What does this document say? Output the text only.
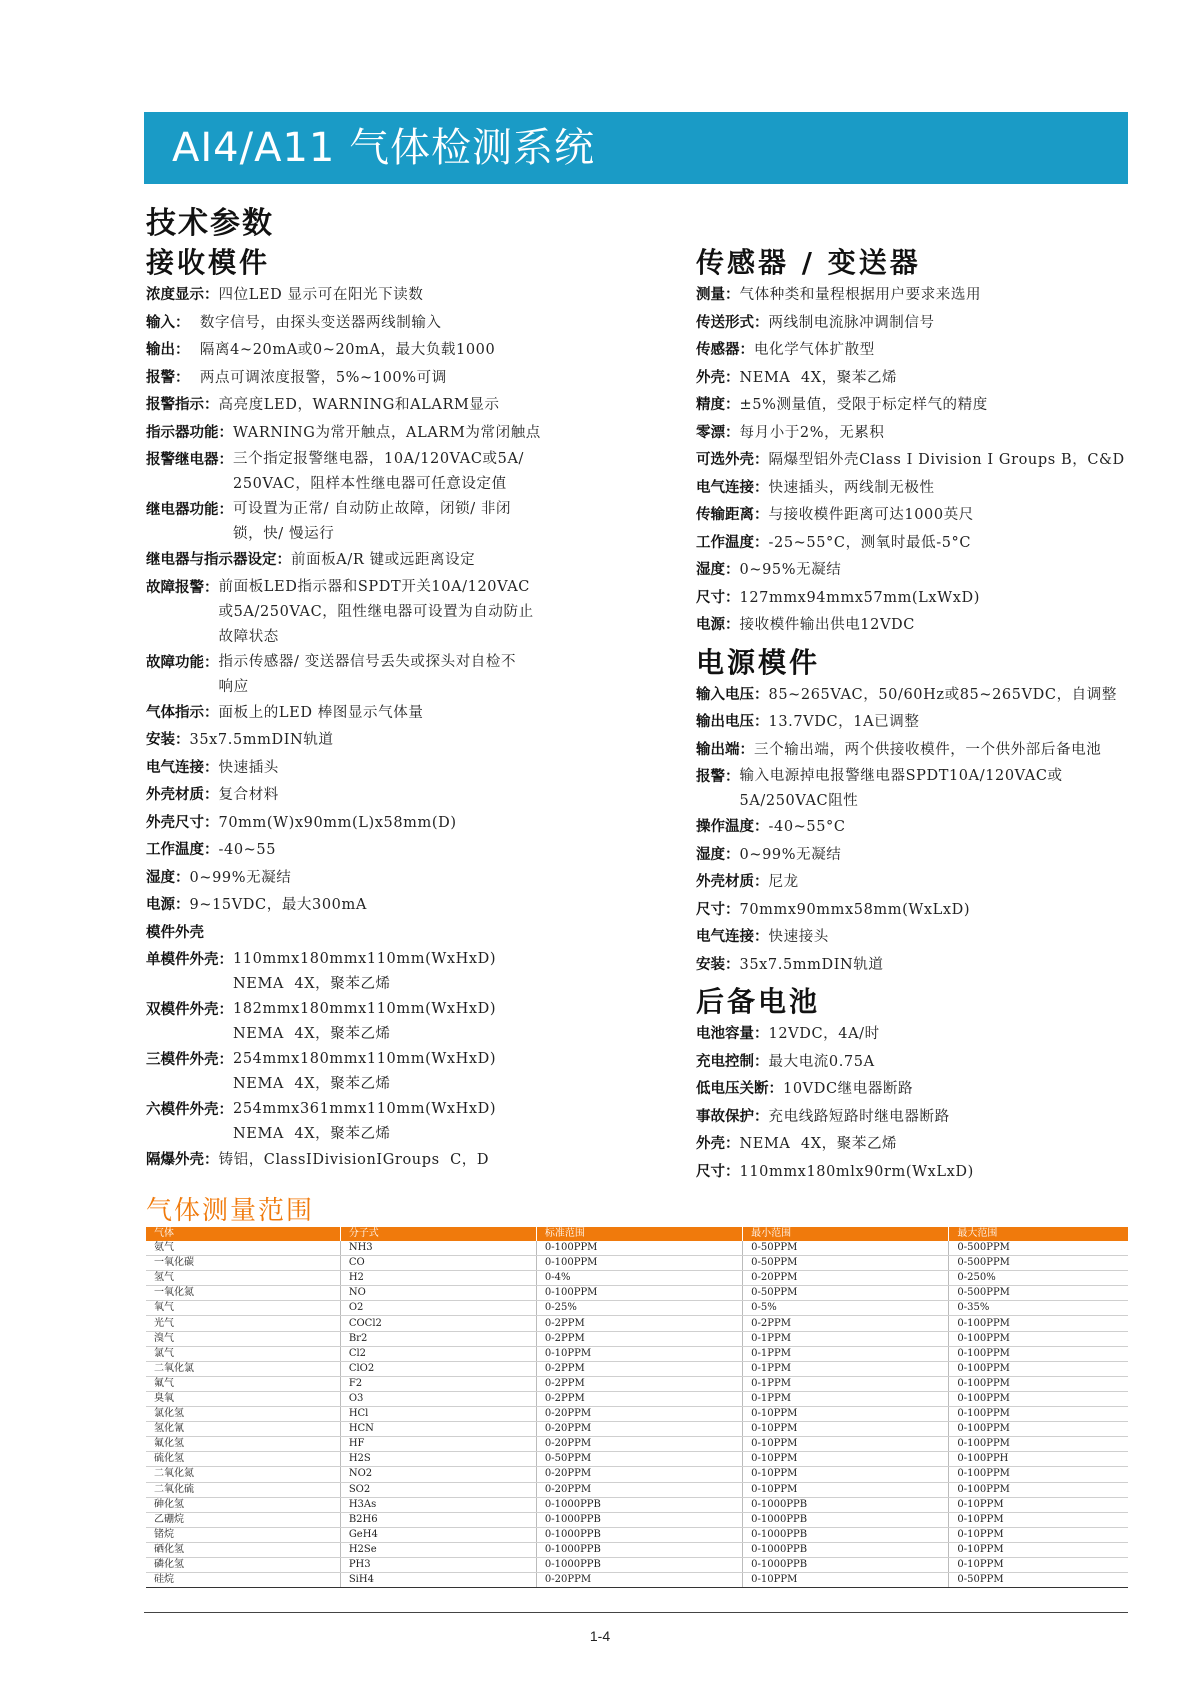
AI4/A11 气体检测系统
技术参数
接收模件
浓度显示： 四位LED 显示可在阳光下读数
输入： 数字信号，由探头变送器两线制输入
输出： 隔离4~20mA或0~20mA，最大负载1000
报警： 两点可调浓度报警，5%~100%可调
报警指示： 高亮度LED，WARNING和ALARM显示
指示器功能： WARNING为常开触点，ALARM为常闭触点
报警继电器： 三个指定报警继电器，10A/120VAC或5A/
250VAC，阻样本性继电器可任意设定值
继电器功能： 可设置为正常/ 自动防止故障，闭锁/ 非闭
锁，快/ 慢运行
继电器与指示器设定： 前面板A/R 键或远距离设定
故障报警： 前面板LED指示器和SPDT开关10A/120VAC
或5A/250VAC，阻性继电器可设置为自动防止
故障状态
故障功能： 指示传感器/ 变送器信号丢失或探头对自检不
响应
气体指示： 面板上的LED 棒图显示气体量
安装： 35x7.5mmDIN轨道
电气连接： 快速插头
外壳材质： 复合材料
外壳尺寸： 70mm(W)x90mm(L)x58mm(D)
工作温度： -40~55
湿度： 0~99%无凝结
电源： 9~15VDC，最大300mA
模件外壳
单模件外壳： 110mmx180mmx110mm(WxHxD)
NEMA  4X，聚苯乙烯
双模件外壳： 182mmx180mmx110mm(WxHxD)
NEMA  4X，聚苯乙烯
三模件外壳： 254mmx180mmx110mm(WxHxD)
NEMA  4X，聚苯乙烯
六模件外壳： 254mmx361mmx110mm(WxHxD)
NEMA  4X，聚苯乙烯
隔爆外壳： 铸铝，ClassIDivisionIGroups  C，D
传感器 / 变送器
测量： 气体种类和量程根据用户要求来选用
传送形式： 两线制电流脉冲调制信号
传感器： 电化学气体扩散型
外壳： NEMA  4X，聚苯乙烯
精度： ±5%测量值，受限于标定样气的精度
零漂： 每月小于2%，无累积
可选外壳： 隔爆型铝外壳Class I Division I Groups B，C&D
电气连接： 快速插头，两线制无极性
传输距离： 与接收模件距离可达1000英尺
工作温度： -25~55°C，测氧时最低-5°C
湿度： 0~95%无凝结
尺寸： 127mmx94mmx57mm(LxWxD)
电源： 接收模件输出供电12VDC
电源模件
输入电压： 85~265VAC，50/60Hz或85~265VDC，自调整
输出电压： 13.7VDC，1A已调整
输出端： 三个输出端，两个供接收模件，一个供外部后备电池
报警： 输入电源掉电报警继电器SPDT10A/120VAC或
5A/250VAC阻性
操作温度： -40~55°C
湿度： 0~99%无凝结
外壳材质： 尼龙
尺寸： 70mmx90mmx58mm(WxLxD)
电气连接： 快速接头
安装： 35x7.5mmDIN轨道
后备电池
电池容量： 12VDC，4A/时
充电控制： 最大电流0.75A
低电压关断： 10VDC继电器断路
事故保护： 充电线路短路时继电器断路
外壳： NEMA  4X，聚苯乙烯
尺寸： 110mmx180mlx90rm(WxLxD)
气体测量范围
气体	分子式	标准范围	最小范围	最大范围
氨气	NH3	0-100PPM	0-50PPM	0-500PPM
一氧化碳	CO	0-100PPM	0-50PPM	0-500PPM
氢气	H2	0-4%	0-20PPM	0-250%
一氧化氮	NO	0-100PPM	0-50PPM	0-500PPM
氧气	O2	0-25%	0-5%	0-35%
光气	COCl2	0-2PPM	0-2PPM	0-100PPM
溴气	Br2	0-2PPM	0-1PPM	0-100PPM
氯气	Cl2	0-10PPM	0-1PPM	0-100PPM
二氧化氯	ClO2	0-2PPM	0-1PPM	0-100PPM
氟气	F2	0-2PPM	0-1PPM	0-100PPM
臭氧	O3	0-2PPM	0-1PPM	0-100PPM
氯化氢	HCl	0-20PPM	0-10PPM	0-100PPM
氢化氰	HCN	0-20PPM	0-10PPM	0-100PPM
氟化氢	HF	0-20PPM	0-10PPM	0-100PPM
硫化氢	H2S	0-50PPM	0-10PPM	0-100PPH
二氧化氮	NO2	0-20PPM	0-10PPM	0-100PPM
二氧化硫	SO2	0-20PPM	0-10PPM	0-100PPM
砷化氢	H3As	0-1000PPB	0-1000PPB	0-10PPM
乙硼烷	B2H6	0-1000PPB	0-1000PPB	0-10PPM
锗烷	GeH4	0-1000PPB	0-1000PPB	0-10PPM
硒化氢	H2Se	0-1000PPB	0-1000PPB	0-10PPM
磷化氢	PH3	0-1000PPB	0-1000PPB	0-10PPM
硅烷	SiH4	0-20PPM	0-10PPM	0-50PPM
1-4
